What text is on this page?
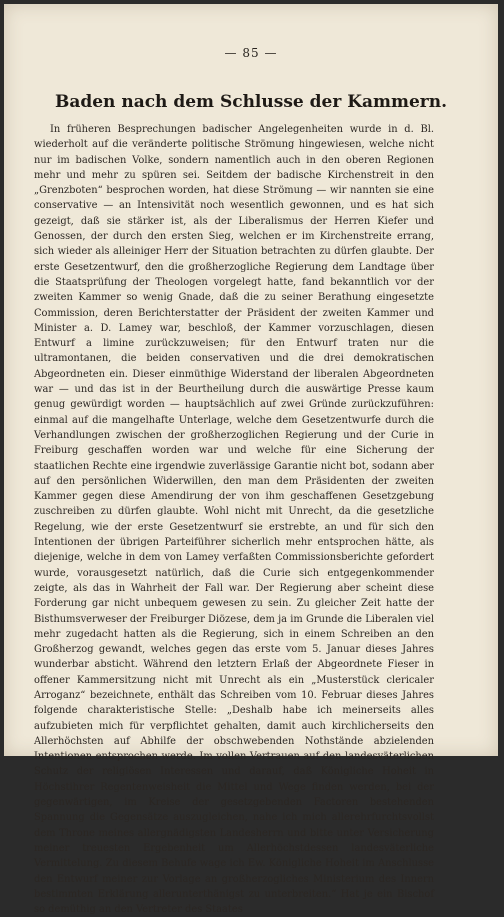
— 85 —
Baden nach dem Schlusse der Kammern.

In früheren Besprechungen badischer Angelegenheiten wurde in d. Bl. wiederholt auf die veränderte politische Strömung hingewiesen, welche nicht nur im badischen Volke, sondern namentlich auch in den oberen Regionen mehr und mehr zu spüren sei. Seitdem der badische Kirchenstreit in den „Grenzboten“ besprochen worden, hat diese Strömung — wir nannten sie eine conservative — an Intensivität noch wesentlich gewonnen, und es hat sich gezeigt, daß sie stärker ist, als der Liberalismus der Herren Kiefer und Genossen, der durch den ersten Sieg, welchen er im Kirchenstreite errang, sich wieder als alleiniger Herr der Situation betrachten zu dürfen glaubte. Der erste Gesetzentwurf, den die großherzogliche Regierung dem Landtage über die Staatsprüfung der Theologen vorgelegt hatte, fand bekanntlich vor der zweiten Kammer so wenig Gnade, daß die zu seiner Berathung eingesetzte Commission, deren Berichterstatter der Präsident der zweiten Kammer und Minister a. D. Lamey war, beschloß, der Kammer vorzuschlagen, diesen Entwurf a limine zurückzuweisen; für den Entwurf traten nur die ultramontanen, die beiden conservativen und die drei demokratischen Abgeordneten ein. Dieser einmüthige Widerstand der liberalen Abgeordneten war — und das ist in der Beurtheilung durch die auswärtige Presse kaum genug gewürdigt worden — hauptsächlich auf zwei Gründe zurückzuführen: einmal auf die mangelhafte Unterlage, welche dem Gesetzentwurfe durch die Verhandlungen zwischen der großherzoglichen Regierung und der Curie in Freiburg geschaffen worden war und welche für eine Sicherung der staatlichen Rechte eine irgendwie zuverlässige Garantie nicht bot, sodann aber auf den persönlichen Widerwillen, den man dem Präsidenten der zweiten Kammer gegen diese Amendirung der von ihm geschaffenen Gesetzgebung zuschreiben zu dürfen glaubte. Wohl nicht mit Unrecht, da die gesetzliche Regelung, wie der erste Gesetzentwurf sie erstrebte, an und für sich den Intentionen der übrigen Parteiführer sicherlich mehr entsprochen hätte, als diejenige, welche in dem von Lamey verfaßten Commissionsberichte gefordert wurde, vorausgesetzt natürlich, daß die Curie sich entgegenkommender zeigte, als das in Wahrheit der Fall war. Der Regierung aber scheint diese Forderung gar nicht unbequem gewesen zu sein. Zu gleicher Zeit hatte der Bisthumsverweser der Freiburger Diözese, dem ja im Grunde die Liberalen viel mehr zugedacht hatten als die Regierung, sich in einem Schreiben an den Großherzog gewandt, welches gegen das erste vom 5. Januar dieses Jahres wunderbar absticht. Während den letztern Erlaß der Abgeordnete Fieser in offener Kammersitzung nicht mit Unrecht als ein „Musterstück clericaler Arroganz“ bezeichnete, enthält das Schreiben vom 10. Februar dieses Jahres folgende charakteristische Stelle: „Deshalb habe ich meinerseits alles aufzubieten mich für verpflichtet gehalten, damit auch kirchlicherseits den Allerhöchsten auf Abhilfe der obschwebenden Nothstände abzielenden Intentionen entsprochen werde. Im vollen Vertrauen auf den landesväterlichen Schutz der religiösen Interessen und darauf, daß Königliche Hoheit in Höchstihrer Regentenweisheit die Mittel und Wege finden werden, bei der gegenwärtigen, im Kreise der gesetzgebenden Factoren bestehenden Spannung die Gegensätze auszugleichen, nahe ich mich allerehrfurchtsvollst dem Throne meines allergnädigsten Landesherrn und bitte unter Versicherung meiner treuesten Ergebenheit um Allerhöchstdessen landesväterliche Vermittelung. Zu diesem Behufe wage ich Ew. Königliche Hoheit im Anschlusse den Entwurf meiner zur Vorlage an großherzogliches Ministerium des Innern bestimmten Erklärung allerunterthänigst zu unterbreiten.“ Hat je ein Bischof so demüthig an den Vertreter des Staates
